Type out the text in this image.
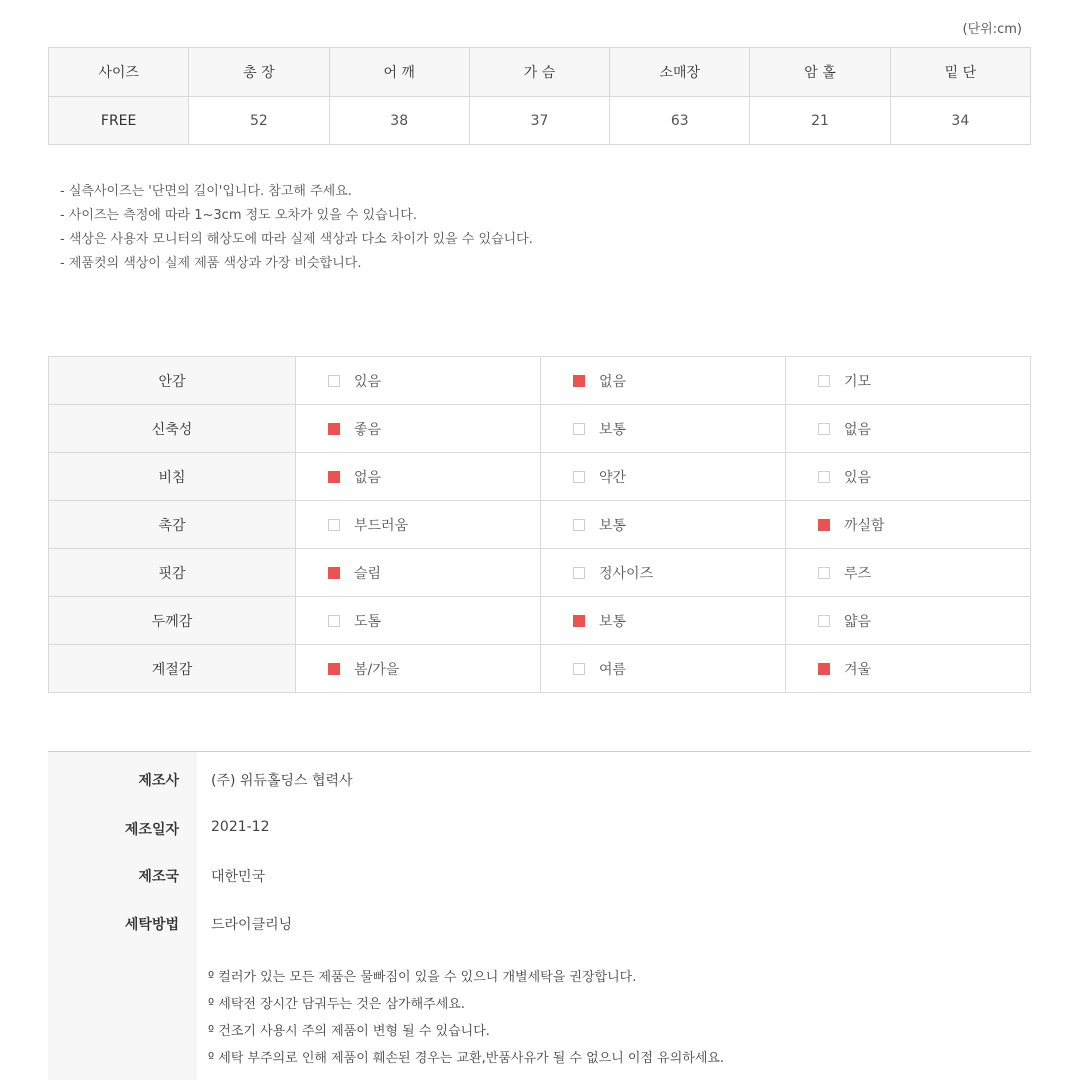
(단위:cm)
사이즈	총 장	어 깨	가 슴	소매장	암 홀	밑 단
FREE	52	38	37	63	21	34
- 실측사이즈는 '단면의 길이'입니다. 참고해 주세요.
- 사이즈는 측정에 따라 1~3cm 정도 오차가 있을 수 있습니다.
- 색상은 사용자 모니터의 해상도에 따라 실제 색상과 다소 차이가 있을 수 있습니다.
- 제품컷의 색상이 실제 제품 색상과 가장 비슷합니다.
안감	있음	없음	기모
신축성	좋음	보통	없음
비침	없음	약간	있음
촉감	부드러움	보통	까실함
핏감	슬림	정사이즈	루즈
두께감	도톰	보통	얇음
계절감	봄/가을	여름	겨울
제조사 (주) 위듀홀딩스 협력사
제조일자 2021-12
제조국 대한민국
세탁방법 드라이클리닝
º 컬러가 있는 모든 제품은 물빠짐이 있을 수 있으니 개별세탁을 권장합니다.
º 세탁전 장시간 담궈두는 것은 삼가해주세요.
º 건조기 사용시 주의 제품이 변형 될 수 있습니다.
º 세탁 부주의로 인해 제품이 훼손된 경우는 교환,반품사유가 될 수 없으니 이점 유의하세요.
